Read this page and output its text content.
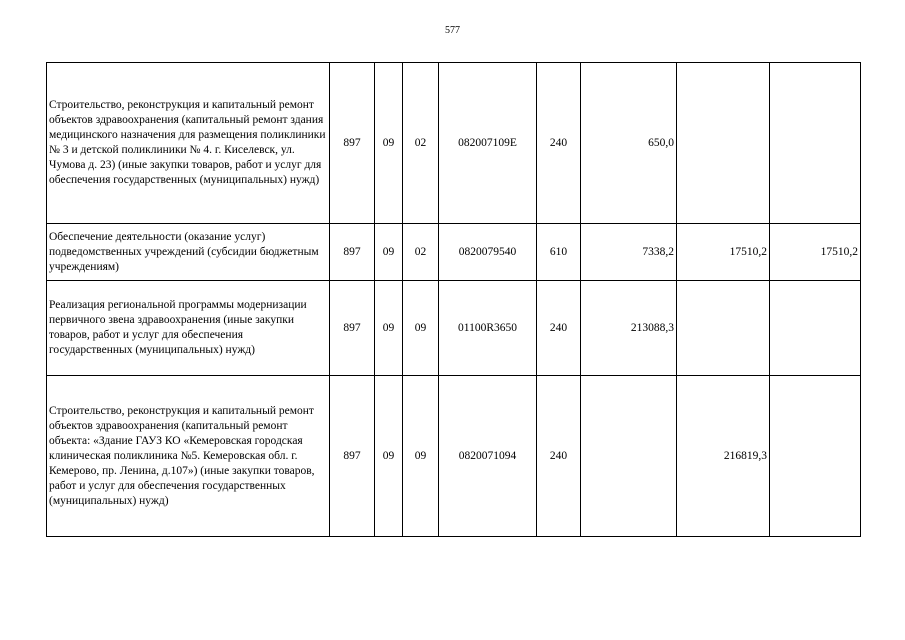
577
Строительство, реконструкция и капитальный ремонт объектов здравоохранения (капитальный ремонт здания медицинского назначения для размещения поликлиники № 3 и детской поликлиники № 4. г. Киселевск, ул. Чумова д. 23) (иные закупки товаров, работ и услуг для обеспечения государственных (муниципальных) нужд)	897	09	02	082007109Е	240	650,0		
Обеспечение деятельности (оказание услуг) подведомственных учреждений (субсидии бюджетным учреждениям)	897	09	02	0820079540	610	7338,2	17510,2	17510,2
Реализация региональной программы модернизации первичного звена здравоохранения (иные закупки товаров, работ и услуг для обеспечения государственных (муниципальных) нужд)	897	09	09	01100R3650	240	213088,3		
Строительство, реконструкция и капитальный ремонт объектов здравоохранения (капитальный ремонт объекта: «Здание ГАУЗ КО «Кемеровская городская клиническая поликлиника №5. Кемеровская обл. г. Кемерово, пр. Ленина, д.107») (иные закупки товаров, работ и услуг для обеспечения государственных (муниципальных) нужд)	897	09	09	0820071094	240		216819,3	
